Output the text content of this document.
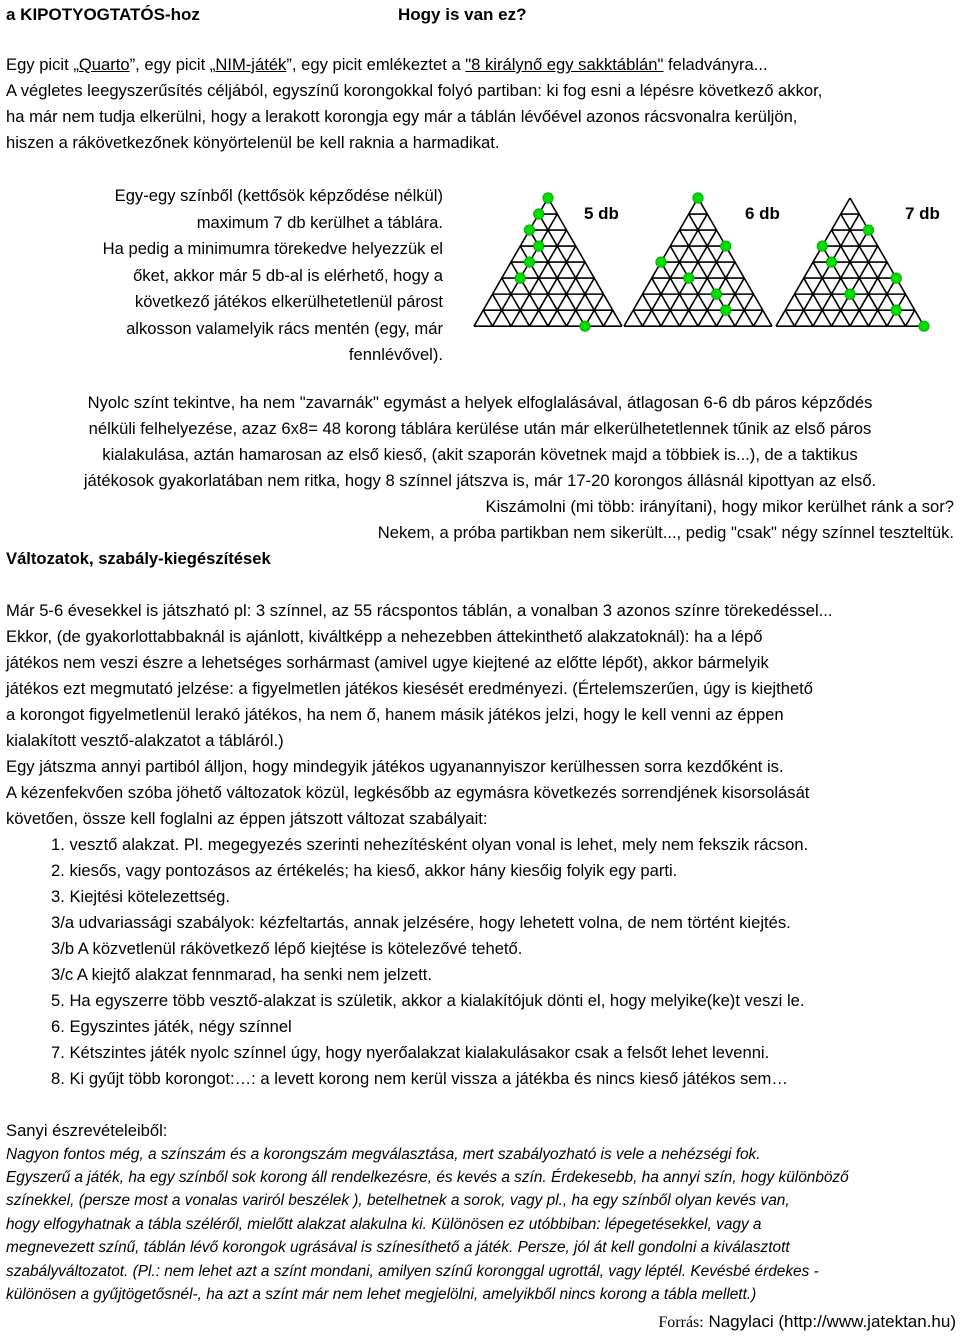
a KIPOTYOGTATÓS-hoz	Hogy is van ez?
Egy picit „Quarto”, egy picit „NIM-játék”, egy picit emlékeztet a "8 királynő egy sakktáblán" feladványra...
A végletes leegyszerűsítés céljából, egyszínű korongokkal folyó partiban: ki fog esni a lépésre következő akkor,
ha már nem tudja elkerülni, hogy a lerakott korongja egy már a táblán lévőével azonos rácsvonalra kerüljön,
hiszen a rákövetkezőnek könyörtelenül be kell raknia a harmadikat.
Egy-egy színből (kettősök képződése nélkül)
maximum 7 db kerülhet a táblára.
Ha pedig a minimumra törekedve helyezzük el
őket, akkor már 5 db-al is elérhető, hogy a
következő játékos elkerülhetetlenül párost
alkosson valamelyik rács mentén (egy, már
fennlévővel).
5 db	6 db	7 db
Nyolc színt tekintve, ha nem "zavarnák" egymást a helyek elfoglalásával, átlagosan 6-6 db páros képződés
nélküli felhelyezése, azaz 6x8= 48 korong táblára kerülése után már elkerülhetetlennek tűnik az első páros
kialakulása, aztán hamarosan az első kieső, (akit szaporán követnek majd a többiek is...), de a taktikus
játékosok gyakorlatában nem ritka, hogy 8 színnel játszva is, már 17-20 korongos állásnál kipottyan az első.
Kiszámolni (mi több: irányítani), hogy mikor kerülhet ránk a sor?
Nekem, a próba partikban nem sikerült..., pedig "csak" négy színnel teszteltük.
Változatok, szabály-kiegészítések
Már 5-6 évesekkel is játszható pl: 3 színnel, az 55 rácspontos táblán, a vonalban 3 azonos színre törekedéssel...
Ekkor, (de gyakorlottabbaknál is ajánlott, kiváltképp a nehezebben áttekinthető alakzatoknál): ha a lépő
játékos nem veszi észre a lehetséges sorhármast (amivel ugye kiejtené az előtte lépőt), akkor bármelyik
játékos ezt megmutató jelzése: a figyelmetlen játékos kiesését eredményezi. (Értelemszerűen, úgy is kiejthető
a korongot figyelmetlenül lerakó játékos, ha nem ő, hanem másik játékos jelzi, hogy le kell venni az éppen
kialakított vesztő-alakzatot a tábláról.)
Egy játszma annyi partiból álljon, hogy mindegyik játékos ugyanannyiszor kerülhessen sorra kezdőként is.
A kézenfekvően szóba jöhető változatok közül, legkésőbb az egymásra következés sorrendjének kisorsolását
követően, össze kell foglalni az éppen játszott változat szabályait:
1. vesztő alakzat. Pl. megegyezés szerinti nehezítésként olyan vonal is lehet, mely nem fekszik rácson.
2. kiesős, vagy pontozásos az értékelés; ha kieső, akkor hány kiesőig folyik egy parti.
3. Kiejtési kötelezettség.
3/a udvariassági szabályok: kézfeltartás, annak jelzésére, hogy lehetett volna, de nem történt kiejtés.
3/b A közvetlenül rákövetkező lépő kiejtése is kötelezővé tehető.
3/c A kiejtő alakzat fennmarad, ha senki nem jelzett.
5. Ha egyszerre több vesztő-alakzat is születik, akkor a kialakítójuk dönti el, hogy melyike(ke)t veszi le.
6. Egyszintes játék, négy színnel
7. Kétszintes játék nyolc színnel úgy, hogy nyerőalakzat kialakulásakor csak a felsőt lehet levenni.
8. Ki gyűjt több korongot:…: a levett korong nem kerül vissza a játékba és nincs kieső játékos sem…
Sanyi észrevételeiből:
Nagyon fontos még, a színszám és a korongszám megválasztása, mert szabályozható is vele a nehézségi fok.
Egyszerű a játék, ha egy színből sok korong áll rendelkezésre, és kevés a szín. Érdekesebb, ha annyi szín, hogy különböző
színekkel, (persze most a vonalas variról beszélek ), betelhetnek a sorok, vagy pl., ha egy színből olyan kevés van,
hogy elfogyhatnak a tábla széléről, mielőtt alakzat alakulna ki. Különösen ez utóbbiban: lépegetésekkel, vagy a
megnevezett színű, táblán lévő korongok ugrásával is színesíthető a játék. Persze, jól át kell gondolni a kiválasztott
szabályváltozatot. (Pl.: nem lehet azt a színt mondani, amilyen színű koronggal ugrottál, vagy léptél. Kevésbé érdekes -
különösen a gyűjtögetősnél-, ha azt a színt már nem lehet megjelölni, amelyikből nincs korong a tábla mellett.)
Forrás: Nagylaci (http://www.jatektan.hu)
